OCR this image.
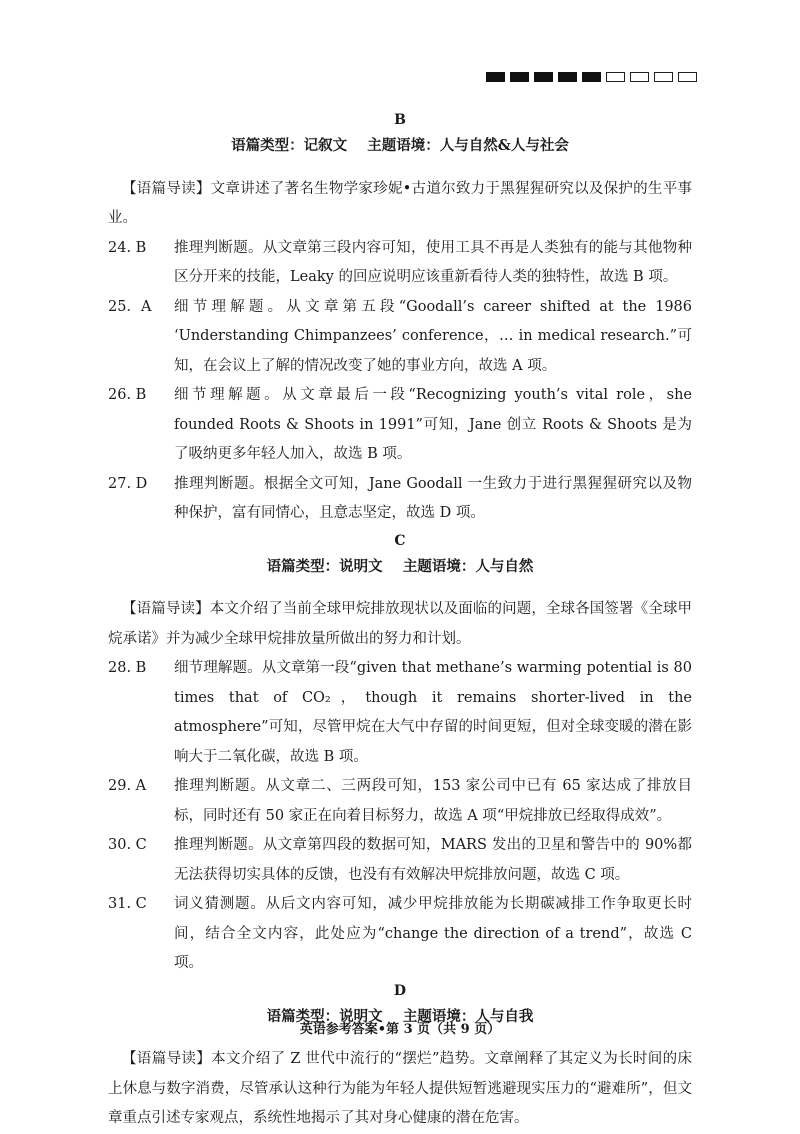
B
语篇类型：记叙文    主题语境：人与自然&人与社会

【语篇导读】文章讲述了著名生物学家珍妮•古道尔致力于黑猩猩研究以及保护的生平事业。

24. B	推理判断题。从文章第三段内容可知，使用工具不再是人类独有的能与其他物种区分开来的技能，Leaky 的回应说明应该重新看待人类的独特性，故选 B 项。
25．A	细节理解题。从文章第五段“Goodall’s career shifted at the 1986 ‘Understanding Chimpanzees’ conference，… in medical research.”可知，在会议上了解的情况改变了她的事业方向，故选 A 项。
26. B	细节理解题。从文章最后一段“Recognizing youth’s vital role，she founded Roots & Shoots in 1991”可知，Jane 创立 Roots & Shoots 是为了吸纳更多年轻人加入，故选 B 项。
27. D	推理判断题。根据全文可知，Jane Goodall 一生致力于进行黑猩猩研究以及物种保护，富有同情心，且意志坚定，故选 D 项。
C
语篇类型：说明文    主题语境：人与自然

【语篇导读】本文介绍了当前全球甲烷排放现状以及面临的问题，全球各国签署《全球甲烷承诺》并为减少全球甲烷排放量所做出的努力和计划。

28. B	细节理解题。从文章第一段“given that methane’s warming potential is 80 times that of CO₂，though it remains shorter-lived in the atmosphere”可知，尽管甲烷在大气中存留的时间更短，但对全球变暖的潜在影响大于二氧化碳，故选 B 项。
29. A	推理判断题。从文章二、三两段可知，153 家公司中已有 65 家达成了排放目标，同时还有 50 家正在向着目标努力，故选 A 项“甲烷排放已经取得成效”。
30. C	推理判断题。从文章第四段的数据可知，MARS 发出的卫星和警告中的 90%都无法获得切实具体的反馈，也没有有效解决甲烷排放问题，故选 C 项。
31. C	词义猜测题。从后文内容可知，减少甲烷排放能为长期碳减排工作争取更长时间，结合全文内容，此处应为“change the direction of a trend”，故选 C 项。
D
语篇类型：说明文    主题语境：人与自我

【语篇导读】本文介绍了 Z 世代中流行的“摆烂”趋势。文章阐释了其定义为长时间的床上休息与数字消费，尽管承认这种行为能为年轻人提供短暂逃避现实压力的“避难所”，但文章重点引述专家观点，系统性地揭示了其对身心健康的潜在危害。

英语参考答案•第 3 页（共 9 页）
